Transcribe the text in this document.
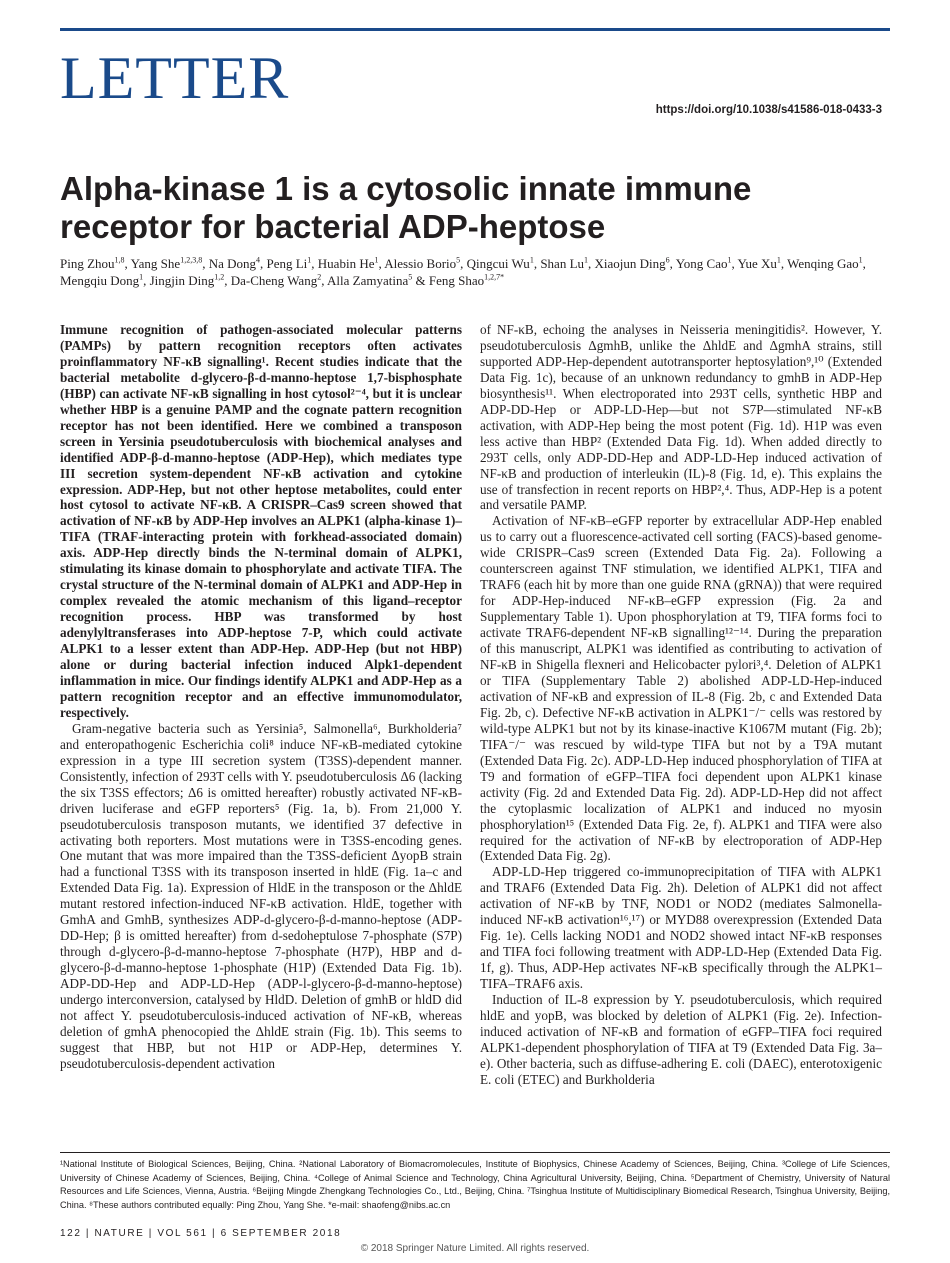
LETTER	https://doi.org/10.1038/s41586-018-0433-3
Alpha-kinase 1 is a cytosolic innate immune receptor for bacterial ADP-heptose
Ping Zhou$^{1,8}$, Yang She$^{1,2,3,8}$, Na Dong$^4$, Peng Li$^1$, Huabin He$^1$, Alessio Borio$^5$, Qingcui Wu$^1$, Shan Lu$^1$, Xiaojun Ding$^6$, Yong Cao$^1$, Yue Xu$^1$, Wenqing Gao$^1$, Mengqiu Dong$^1$, Jingjin Ding$^{1,2}$, Da-Cheng Wang$^2$, Alla Zamyatina$^5$ & Feng Shao$^{1,2,7*}$

Immune recognition of pathogen-associated molecular patterns (PAMPs) by pattern recognition receptors often activates proinflammatory NF-κB signalling¹. Recent studies indicate that the bacterial metabolite d-glycero-β-d-manno-heptose 1,7-bisphosphate (HBP) can activate NF-κB signalling in host cytosol²⁻⁴, but it is unclear whether HBP is a genuine PAMP and the cognate pattern recognition receptor has not been identified. Here we combined a transposon screen in Yersinia pseudotuberculosis with biochemical analyses and identified ADP-β-d-manno-heptose (ADP-Hep), which mediates type III secretion system-dependent NF-κB activation and cytokine expression. ADP-Hep, but not other heptose metabolites, could enter host cytosol to activate NF-κB. A CRISPR–Cas9 screen showed that activation of NF-κB by ADP-Hep involves an ALPK1 (alpha-kinase 1)–TIFA (TRAF-interacting protein with forkhead-associated domain) axis. ADP-Hep directly binds the N-terminal domain of ALPK1, stimulating its kinase domain to phosphorylate and activate TIFA. The crystal structure of the N-terminal domain of ALPK1 and ADP-Hep in complex revealed the atomic mechanism of this ligand–receptor recognition process. HBP was transformed by host adenylyltransferases into ADP-heptose 7-P, which could activate ALPK1 to a lesser extent than ADP-Hep. ADP-Hep (but not HBP) alone or during bacterial infection induced Alpk1-dependent inflammation in mice. Our findings identify ALPK1 and ADP-Hep as a pattern recognition receptor and an effective immunomodulator, respectively.

Gram-negative bacteria such as Yersinia⁵, Salmonella⁶, Burkholderia⁷ and enteropathogenic Escherichia coli⁸ induce NF-κB-mediated cytokine expression in a type III secretion system (T3SS)-dependent manner. Consistently, infection of 293T cells with Y. pseudotuberculosis Δ6 (lacking the six T3SS effectors; Δ6 is omitted hereafter) robustly activated NF-κB-driven luciferase and eGFP reporters⁵ (Fig. 1a, b). From 21,000 Y. pseudotuberculosis transposon mutants, we identified 37 defective in activating both reporters. Most mutations were in T3SS-encoding genes. One mutant that was more impaired than the T3SS-deficient ΔyopB strain had a functional T3SS with its transposon inserted in hldE (Fig. 1a–c and Extended Data Fig. 1a). Expression of HldE in the transposon or the ΔhldE mutant restored infection-induced NF-κB activation. HldE, together with GmhA and GmhB, synthesizes ADP-d-glycero-β-d-manno-heptose (ADP-DD-Hep; β is omitted hereafter) from d-sedoheptulose 7-phosphate (S7P) through d-glycero-β-d-manno-heptose 7-phosphate (H7P), HBP and d-glycero-β-d-manno-heptose 1-phosphate (H1P) (Extended Data Fig. 1b). ADP-DD-Hep and ADP-LD-Hep (ADP-l-glycero-β-d-manno-heptose) undergo interconversion, catalysed by HldD. Deletion of gmhB or hldD did not affect Y. pseudotuberculosis-induced activation of NF-κB, whereas deletion of gmhA phenocopied the ΔhldE strain (Fig. 1b). This seems to suggest that HBP, but not H1P or ADP-Hep, determines Y. pseudotuberculosis-dependent activation

of NF-κB, echoing the analyses in Neisseria meningitidis². However, Y. pseudotuberculosis ΔgmhB, unlike the ΔhldE and ΔgmhA strains, still supported ADP-Hep-dependent autotransporter heptosylation⁹,¹⁰ (Extended Data Fig. 1c), because of an unknown redundancy to gmhB in ADP-Hep biosynthesis¹¹. When electroporated into 293T cells, synthetic HBP and ADP-DD-Hep or ADP-LD-Hep—but not S7P—stimulated NF-κB activation, with ADP-Hep being the most potent (Fig. 1d). H1P was even less active than HBP² (Extended Data Fig. 1d). When added directly to 293T cells, only ADP-DD-Hep and ADP-LD-Hep induced activation of NF-κB and production of interleukin (IL)-8 (Fig. 1d, e). This explains the use of transfection in recent reports on HBP²,⁴. Thus, ADP-Hep is a potent and versatile PAMP.

Activation of NF-κB–eGFP reporter by extracellular ADP-Hep enabled us to carry out a fluorescence-activated cell sorting (FACS)-based genome-wide CRISPR–Cas9 screen (Extended Data Fig. 2a). Following a counterscreen against TNF stimulation, we identified ALPK1, TIFA and TRAF6 (each hit by more than one guide RNA (gRNA)) that were required for ADP-Hep-induced NF-κB–eGFP expression (Fig. 2a and Supplementary Table 1). Upon phosphorylation at T9, TIFA forms foci to activate TRAF6-dependent NF-κB signalling¹²⁻¹⁴. During the preparation of this manuscript, ALPK1 was identified as contributing to activation of NF-κB in Shigella flexneri and Helicobacter pylori³,⁴. Deletion of ALPK1 or TIFA (Supplementary Table 2) abolished ADP-LD-Hep-induced activation of NF-κB and expression of IL-8 (Fig. 2b, c and Extended Data Fig. 2b, c). Defective NF-κB activation in ALPK1⁻/⁻ cells was restored by wild-type ALPK1 but not by its kinase-inactive K1067M mutant (Fig. 2b); TIFA⁻/⁻ was rescued by wild-type TIFA but not by a T9A mutant (Extended Data Fig. 2c). ADP-LD-Hep induced phosphorylation of TIFA at T9 and formation of eGFP–TIFA foci dependent upon ALPK1 kinase activity (Fig. 2d and Extended Data Fig. 2d). ADP-LD-Hep did not affect the cytoplasmic localization of ALPK1 and induced no myosin phosphorylation¹⁵ (Extended Data Fig. 2e, f). ALPK1 and TIFA were also required for the activation of NF-κB by electroporation of ADP-Hep (Extended Data Fig. 2g).

ADP-LD-Hep triggered co-immunoprecipitation of TIFA with ALPK1 and TRAF6 (Extended Data Fig. 2h). Deletion of ALPK1 did not affect activation of NF-κB by TNF, NOD1 or NOD2 (mediates Salmonella-induced NF-κB activation¹⁶,¹⁷) or MYD88 overexpression (Extended Data Fig. 1e). Cells lacking NOD1 and NOD2 showed intact NF-κB responses and TIFA foci following treatment with ADP-LD-Hep (Extended Data Fig. 1f, g). Thus, ADP-Hep activates NF-κB specifically through the ALPK1–TIFA–TRAF6 axis.

Induction of IL-8 expression by Y. pseudotuberculosis, which required hldE and yopB, was blocked by deletion of ALPK1 (Fig. 2e). Infection-induced activation of NF-κB and formation of eGFP–TIFA foci required ALPK1-dependent phosphorylation of TIFA at T9 (Extended Data Fig. 3a–e). Other bacteria, such as diffuse-adhering E. coli (DAEC), enterotoxigenic E. coli (ETEC) and Burkholderia

¹National Institute of Biological Sciences, Beijing, China. ²National Laboratory of Biomacromolecules, Institute of Biophysics, Chinese Academy of Sciences, Beijing, China. ³College of Life Sciences, University of Chinese Academy of Sciences, Beijing, China. ⁴College of Animal Science and Technology, China Agricultural University, Beijing, China. ⁵Department of Chemistry, University of Natural Resources and Life Sciences, Vienna, Austria. ⁶Beijing Mingde Zhengkang Technologies Co., Ltd., Beijing, China. ⁷Tsinghua Institute of Multidisciplinary Biomedical Research, Tsinghua University, Beijing, China. ⁸These authors contributed equally: Ping Zhou, Yang She. *e-mail: shaofeng@nibs.ac.cn
122 | NATURE | VOL 561 | 6 SEPTEMBER 2018
© 2018 Springer Nature Limited. All rights reserved.
